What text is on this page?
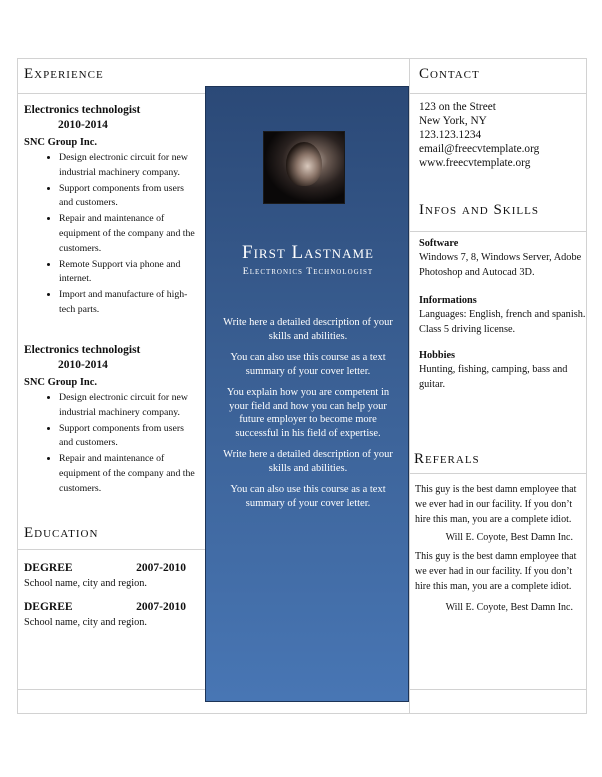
Experience	Contact
Infos and Skills
Referals
Education
Electronics technologist
2010-2014
SNC Group Inc.
• Design electronic circuit for new industrial machinery company.
• Support components from users and customers.
• Repair and maintenance of equipment of the company and the customers.
• Remote Support via phone and internet.
• Import and manufacture of high-tech parts.
Electronics technologist
2010-2014
SNC Group Inc.
• Design electronic circuit for new industrial machinery company.
• Support components from users and customers.
• Repair and maintenance of equipment of the company and the customers.
DEGREE	2007-2010
School name, city and region.
DEGREE	2007-2010
School name, city and region.
First Lastname
Electronics Technologist

Write here a detailed description of your skills and abilities.

You can also use this course as a text summary of your cover letter.

You explain how you are competent in your field and how you can help your future employer to become more successful in his field of expertise.

Write here a detailed description of your skills and abilities.

You can also use this course as a text summary of your cover letter.

123 on the Street
New York, NY
123.123.1234
email@freecvtemplate.org
www.freecvtemplate.org
Software
Windows 7, 8, Windows Server, Adobe Photoshop and Autocad 3D.
Informations
Languages: English, french and spanish.
Class 5 driving license.
Hobbies
Hunting, fishing, camping, bass and guitar.
This guy is the best damn employee that we ever had in our facility. If you don’t hire this man, you are a complete idiot.
Will E. Coyote, Best Damn Inc.
This guy is the best damn employee that we ever had in our facility. If you don’t hire this man, you are a complete idiot.
Will E. Coyote, Best Damn Inc.
